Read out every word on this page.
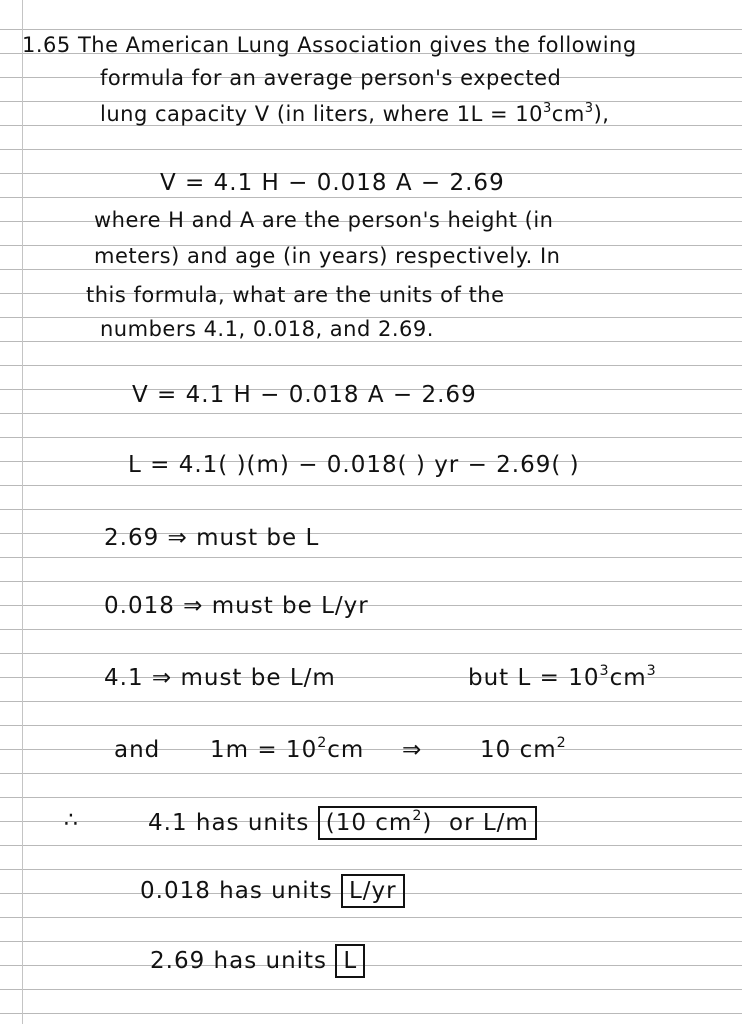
1.65 The American Lung Association gives the following
formula for an average person's expected
lung capacity V (in liters, where $1L = 10^3cm^3$),
V = 4.1 H − 0.018 A − 2.69
where H and A are the person's height (in
meters) and age (in years) respectively. In
this formula, what are the units of the
numbers 4.1, 0.018, and 2.69.
V = 4.1 H − 0.018 A − 2.69
L = 4.1( )(m) − 0.018( ) yr − 2.69( )
2.69 ⇒ must be L
0.018 ⇒ must be L/yr
4.1 ⇒ must be L/m	but $L = 10^3cm^3$
and $1m = 10^2cm$ ⇒	10 $cm^2$
∴	4.1 has units (10 $cm^2$) or L/m
0.018 has units L/yr
2.69 has units L
